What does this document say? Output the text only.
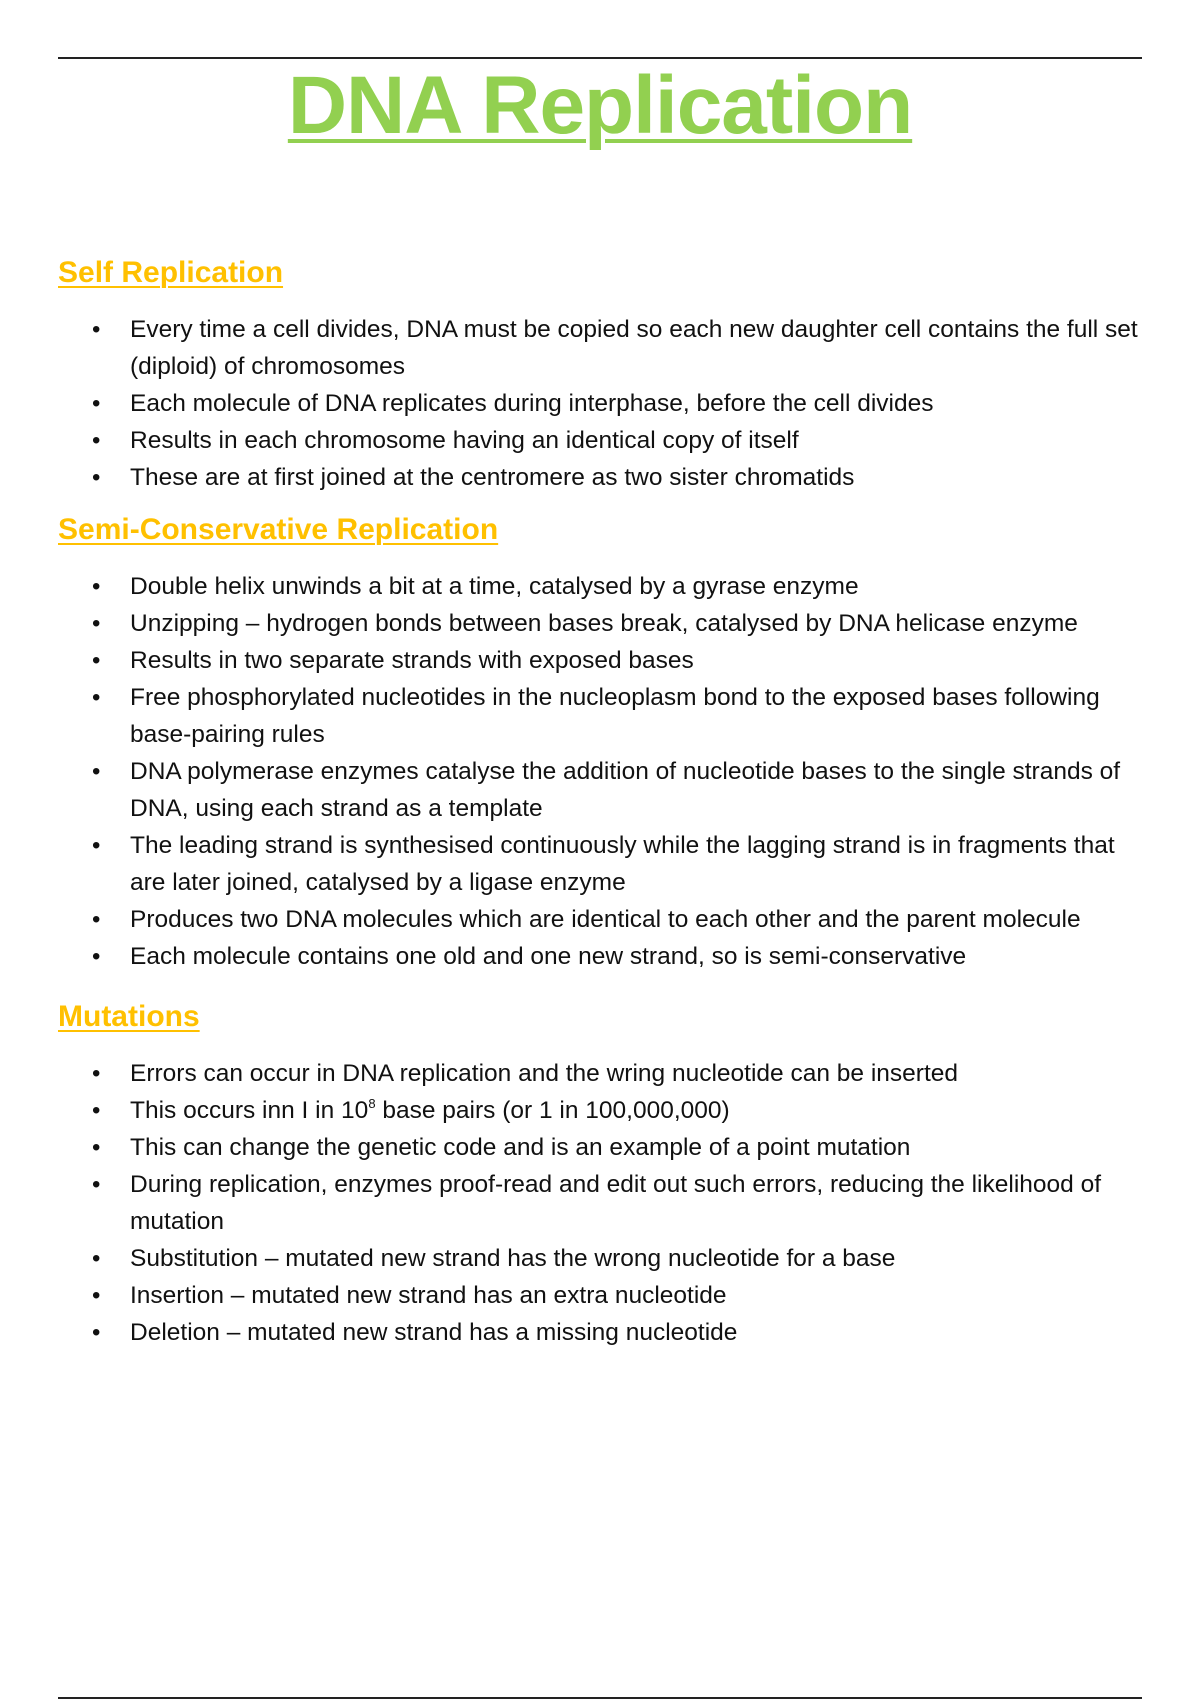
DNA Replication
Self Replication
• Every time a cell divides, DNA must be copied so each new daughter cell contains the full set (diploid) of chromosomes
• Each molecule of DNA replicates during interphase, before the cell divides
• Results in each chromosome having an identical copy of itself
• These are at first joined at the centromere as two sister chromatids
Semi-Conservative Replication
• Double helix unwinds a bit at a time, catalysed by a gyrase enzyme
• Unzipping – hydrogen bonds between bases break, catalysed by DNA helicase enzyme
• Results in two separate strands with exposed bases
• Free phosphorylated nucleotides in the nucleoplasm bond to the exposed bases following base-pairing rules
• DNA polymerase enzymes catalyse the addition of nucleotide bases to the single strands of DNA, using each strand as a template
• The leading strand is synthesised continuously while the lagging strand is in fragments that are later joined, catalysed by a ligase enzyme
• Produces two DNA molecules which are identical to each other and the parent molecule
• Each molecule contains one old and one new strand, so is semi-conservative
Mutations
• Errors can occur in DNA replication and the wring nucleotide can be inserted
• This occurs inn I in $10^8$ base pairs (or 1 in 100,000,000)
• This can change the genetic code and is an example of a point mutation
• During replication, enzymes proof-read and edit out such errors, reducing the likelihood of mutation
• Substitution – mutated new strand has the wrong nucleotide for a base
• Insertion – mutated new strand has an extra nucleotide
• Deletion – mutated new strand has a missing nucleotide
